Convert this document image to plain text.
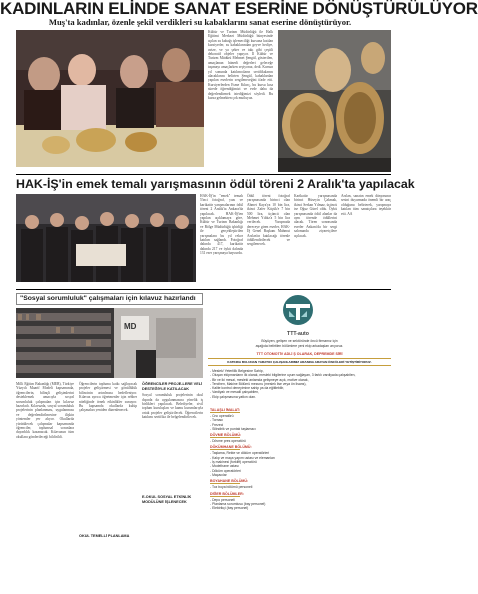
KADINLARIN ELİNDE SANAT ESERİNE DÖNÜŞTÜRÜLÜYOR
Muş'ta kadınlar, özenle şekil verdikleri su kabaklarını sanat eserine dönüştürüyor.
Kültür ve Turizm Müdürlüğü ile Halk Eğitimi Merkezi Müdürlüğü bünyesinde açılan su kabağı işlemeciliği kursuna katılan kursiyerler, su kabaklarından geyve hediye, avize, ve ya şeker ve takı gibi çeşitli dekoratif objeler yapıyor. İl Kültür ve Turizm Müdürü Mehmet Şengül, gösterilen, amaçlanan hünerli değerleri geleceğe taşımayı amaçlarken seçiyoruz, dedi. Kursun yıl sonunda katılımcıların sertifikalarını alacaklarını belirten Şengül, kabaklardan yapılan eserlerin sergileneceğini ifade etti. Kursiyerlerden Esme Kılınç, bu kursu kısa sürede öğrendiğimizi ve evde daha da değerlendirmek istediğimizi söyledi. Bu kursa gelmekten çok mutluyuz.
HAK-İŞ'in emek temalı yarışmasının ödül töreni 2 Aralık'ta yapılacak
HAK-İŞ'in "emek" temalı 5'inci fotoğraf, yazı ve karikatür yarışmalarının ödül töreni 2 Aralık'ta Ankara'da yapılacak. HAK-İŞ'ten yapılan açıklamaya göre, Kültür ve Turizm Bakanlığı ve Bölge Müdürlüğü işbirliği ile gerçekleştirilen yarışmalara bu yıl rekor katılım sağlandı. Fotoğraf dalında 417, karikatür dalında 217 ve öykü dalında 131 eser yarışmaya başvurdu.
Ödül töreni fotoğraf yarışmasında birinci olan Ahmet Kaya'ya 10 bin lira, ikinci Zafer Küçük'e 7 bin 500 lira, üçüncü olan Mehmet Yıldız'a 5 bin lira verilecek. Yarışmada dereceye giren eserler, HAK-İŞ Genel Başkanı Mahmut Arslan'ın katılacağı törenle ödüllendirilecek ve sergilenecek.
Karikatür yarışmasında birinci Hüseyin Çakmak, ikinci Serkan Yılmaz, üçüncü ise Oğuz Gürel oldu. Öykü yarışmasında ödül alanlar da aynı törende ödüllerini alacak. Tören sonrasında eserler Ankara'da bir sergi salonunda ziyaretçilere açılacak.
Arslan, sanatın emek dünyasının sesini duyurmada önemli bir araç olduğunu belirterek, yarışmaya katılan tüm sanatçılara teşekkür etti. AA
"Sosyal sorumluluk" çalışmaları için kılavuz hazırlandı
MD
Milli Eğitim Bakanlığı (MEB), Türkiye Yüzyılı Maarif Modeli kapsamında, öğrencilerin, bilinçli gelişimlerini desteklemek amacıyla sosyal sorumluluk çalışmaları için kılavuz hazırladı. Kılavuzda, sosyal sorumluluk projelerinin planlanması, uygulanması ve değerlendirilmesine ilişkin yöntemler yer alıyor. Okullarda yürütülecek çalışmalar kapsamında öğrenciler, toplumsal sorunlara duyarlılık kazanacak. Kılavuzun tüm okullara gönderileceği bildirildi.
Öğrencilerin topluma katkı sağlayacak projeler geliştirmesi ve gönüllülük bilincinin artırılması hedefleniyor. Kılavuz ayrıca öğretmenler için rehber niteliğinde örnek etkinlikler sunuyor. Bu kapsamda okullarda kulüp çalışmaları yeniden düzenlenecek.
OKUL TEMELLİ PLANLAMA
ÖĞRENCİLER PROJE-LERE VELİ DESTEĞİYLE KATILACAK
Sosyal sorumluluk projelerinin okul dışında da uygulanmasına yönelik iş birlikleri yapılacak. Belediyeler, sivil toplum kuruluşları ve kamu kurumlarıyla ortak projeler geliştirilecek. Öğrencilerin katılımı sertifika ile belgelendirilecek.
E-OKUL SOSYAL ETKİNLİK MODÜLÜNE İŞLENECEK
TTT-auto
Büyüyen, gelişen ve sektöründe öncü firmamız için
aşağıda belirtilen bölümlere yeni ekip arkadaşları arıyoruz.
TTT OTOMOTİV ADLİ Ş OLARAK, DEPREMDE SİRİ
KATKIDA BULUNAN YARATICI ÇALIŞANLARIMIZ ARASINA ARAYAN ÖNCÜLERİ YETİŞTİRİYORUZ.
- Meslek/ Yeterlilik Belgesine Sahip,
- Oluşan ekipmanların ilk olarak, mesleki bilgilerine uyum sağlayan, 3 farklı vardiyada çalışabilen,
- Bir ve iki mesai, mesleki anlamda gelişmeye açık, motive olarak,
- Tercihen, Makine Bölümü mezunu (meslek lise veya ön lisans),
- Kalite kontrol deneyimine sahip ya da eğitilebilir,
- Vardiyalı ve mesaili çalışabilen,
- Ekip çalışmasına yatkın olan.
TALAŞLI İMALAT:
- Cnc operatörü
- Tornacı
- Frezeci
- Silindirik ve puntalı taşlamacı
DÖVME BÖLÜMÜ:
- Dövme pres operatörü
DÖKÜMHANE BÖLÜMÜ:
- Taşlama, Rekte ve döküm operatörleri
- Kalıp ve maça yapım ustası ve elemanları
- İş makinesi (forklift) operatörü
- Modelhane ustası
- Döküm operatörleri
- Maçacılar
BOYAHANE BÖLÜMÜ:
- Toz boya bölümü personeli
DİĞER BÖLÜMLER:
- Depo personeli
- Planlama sorumlusu (bay personel)
- Elektrikçi (bay personel)
